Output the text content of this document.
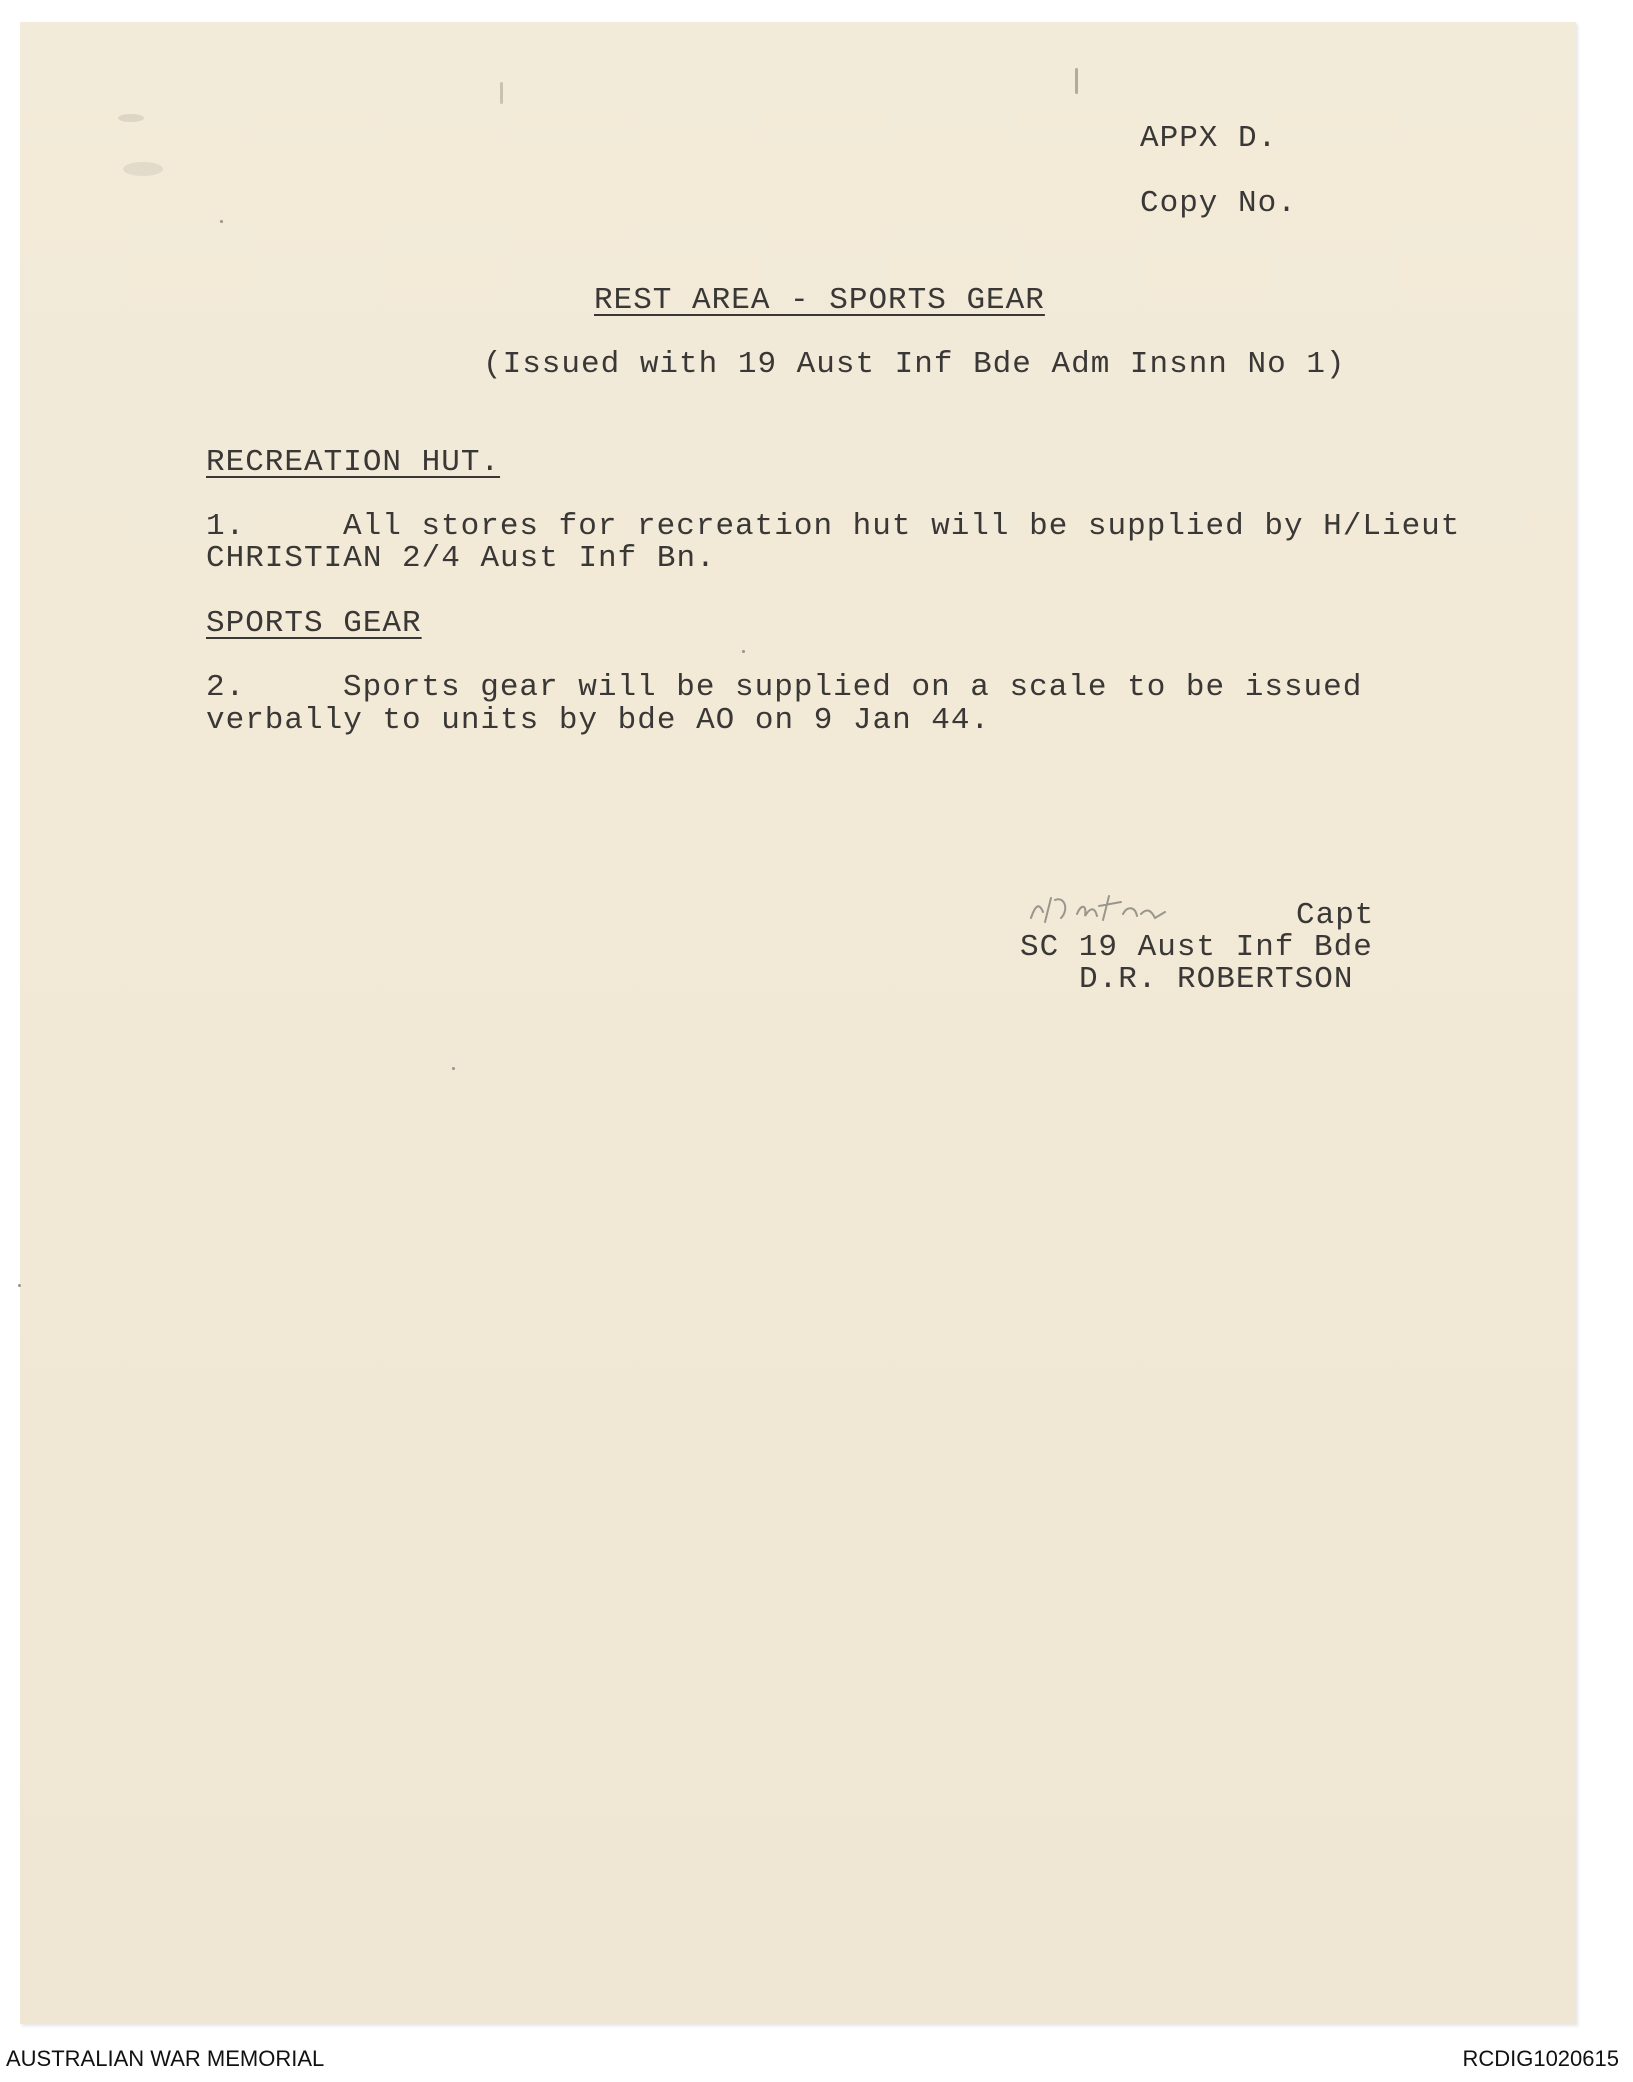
APPX D.
Copy No.
REST AREA - SPORTS GEAR
(Issued with 19 Aust Inf Bde Adm Insnn No 1)
RECREATION HUT.
1.	All stores for recreation hut will be supplied by H/Lieut
CHRISTIAN 2/4 Aust Inf Bn.
SPORTS GEAR
2.	Sports gear will be supplied on a scale to be issued
verbally to units by bde AO on 9 Jan 44.
Capt
SC 19 Aust Inf Bde
D.R. ROBERTSON
AUSTRALIAN WAR MEMORIAL	RCDIG1020615
